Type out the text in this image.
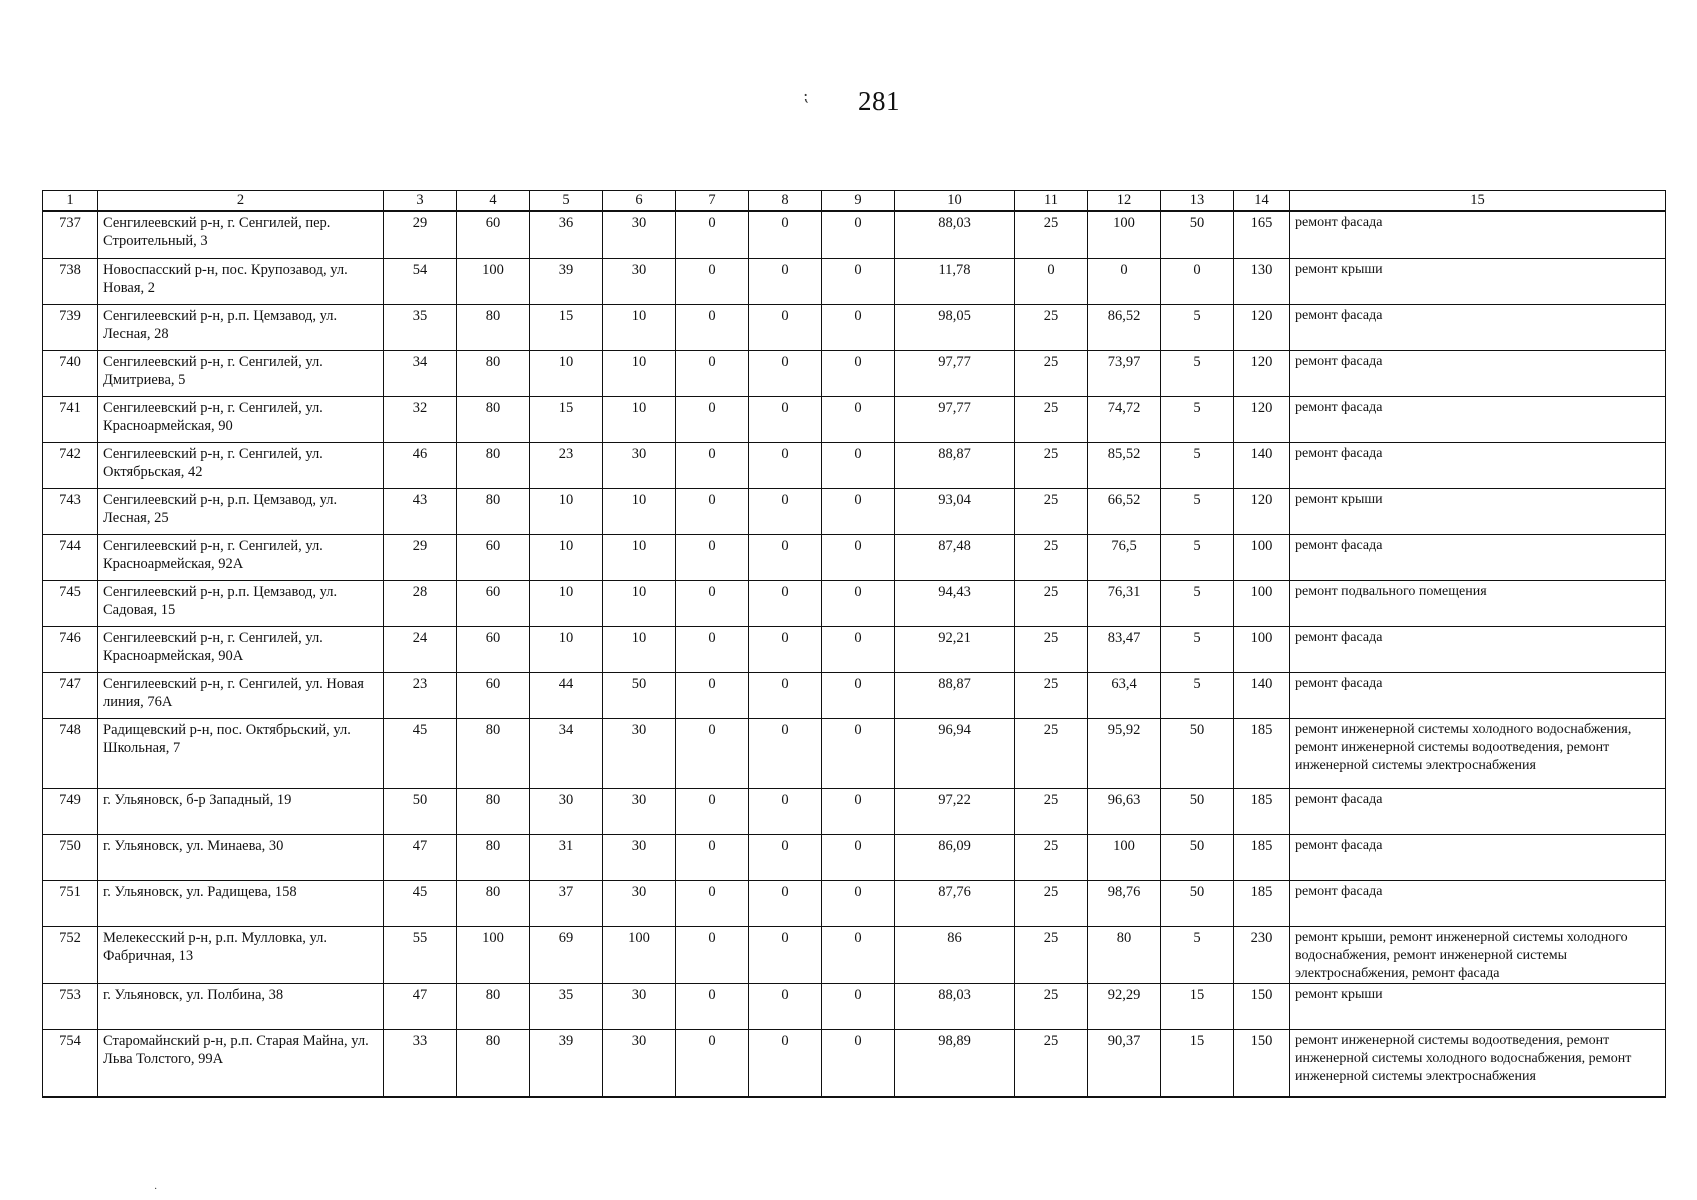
⁏ 281
·
1	2	3	4	5	6	7	8	9	10	11	12	13	14	15
737	Сенгилеевский р-н, г. Сенгилей, пер. Строительный, 3	29	60	36	30	0	0	0	88,03	25	100	50	165	ремонт фасада
738	Новоспасский р-н, пос. Крупозавод, ул. Новая, 2	54	100	39	30	0	0	0	11,78	0	0	0	130	ремонт крыши
739	Сенгилеевский р-н, р.п. Цемзавод, ул. Лесная, 28	35	80	15	10	0	0	0	98,05	25	86,52	5	120	ремонт фасада
740	Сенгилеевский р-н, г. Сенгилей, ул. Дмитриева, 5	34	80	10	10	0	0	0	97,77	25	73,97	5	120	ремонт фасада
741	Сенгилеевский р-н, г. Сенгилей, ул. Красноармейская, 90	32	80	15	10	0	0	0	97,77	25	74,72	5	120	ремонт фасада
742	Сенгилеевский р-н, г. Сенгилей, ул. Октябрьская, 42	46	80	23	30	0	0	0	88,87	25	85,52	5	140	ремонт фасада
743	Сенгилеевский р-н, р.п. Цемзавод, ул. Лесная, 25	43	80	10	10	0	0	0	93,04	25	66,52	5	120	ремонт крыши
744	Сенгилеевский р-н, г. Сенгилей, ул. Красноармейская, 92А	29	60	10	10	0	0	0	87,48	25	76,5	5	100	ремонт фасада
745	Сенгилеевский р-н, р.п. Цемзавод, ул. Садовая, 15	28	60	10	10	0	0	0	94,43	25	76,31	5	100	ремонт подвального помещения
746	Сенгилеевский р-н, г. Сенгилей, ул. Красноармейская, 90А	24	60	10	10	0	0	0	92,21	25	83,47	5	100	ремонт фасада
747	Сенгилеевский р-н, г. Сенгилей, ул. Новая линия, 76А	23	60	44	50	0	0	0	88,87	25	63,4	5	140	ремонт фасада
748	Радищевский р-н, пос. Октябрьский, ул. Школьная, 7	45	80	34	30	0	0	0	96,94	25	95,92	50	185	ремонт инженерной системы холодного водоснабжения, ремонт инженерной системы водоотведения, ремонт инженерной системы электроснабжения
749	г. Ульяновск, б-р Западный, 19	50	80	30	30	0	0	0	97,22	25	96,63	50	185	ремонт фасада
750	г. Ульяновск, ул. Минаева, 30	47	80	31	30	0	0	0	86,09	25	100	50	185	ремонт фасада
751	г. Ульяновск, ул. Радищева, 158	45	80	37	30	0	0	0	87,76	25	98,76	50	185	ремонт фасада
752	Мелекесский р-н, р.п. Мулловка, ул. Фабричная, 13	55	100	69	100	0	0	0	86	25	80	5	230	ремонт крыши, ремонт инженерной системы холодного водоснабжения, ремонт инженерной системы электроснабжения, ремонт фасада
753	г. Ульяновск, ул. Полбина, 38	47	80	35	30	0	0	0	88,03	25	92,29	15	150	ремонт крыши
754	Старомайнский р-н, р.п. Старая Майна, ул. Льва Толстого, 99А	33	80	39	30	0	0	0	98,89	25	90,37	15	150	ремонт инженерной системы водоотведения, ремонт инженерной системы холодного водоснабжения, ремонт инженерной системы электроснабжения
